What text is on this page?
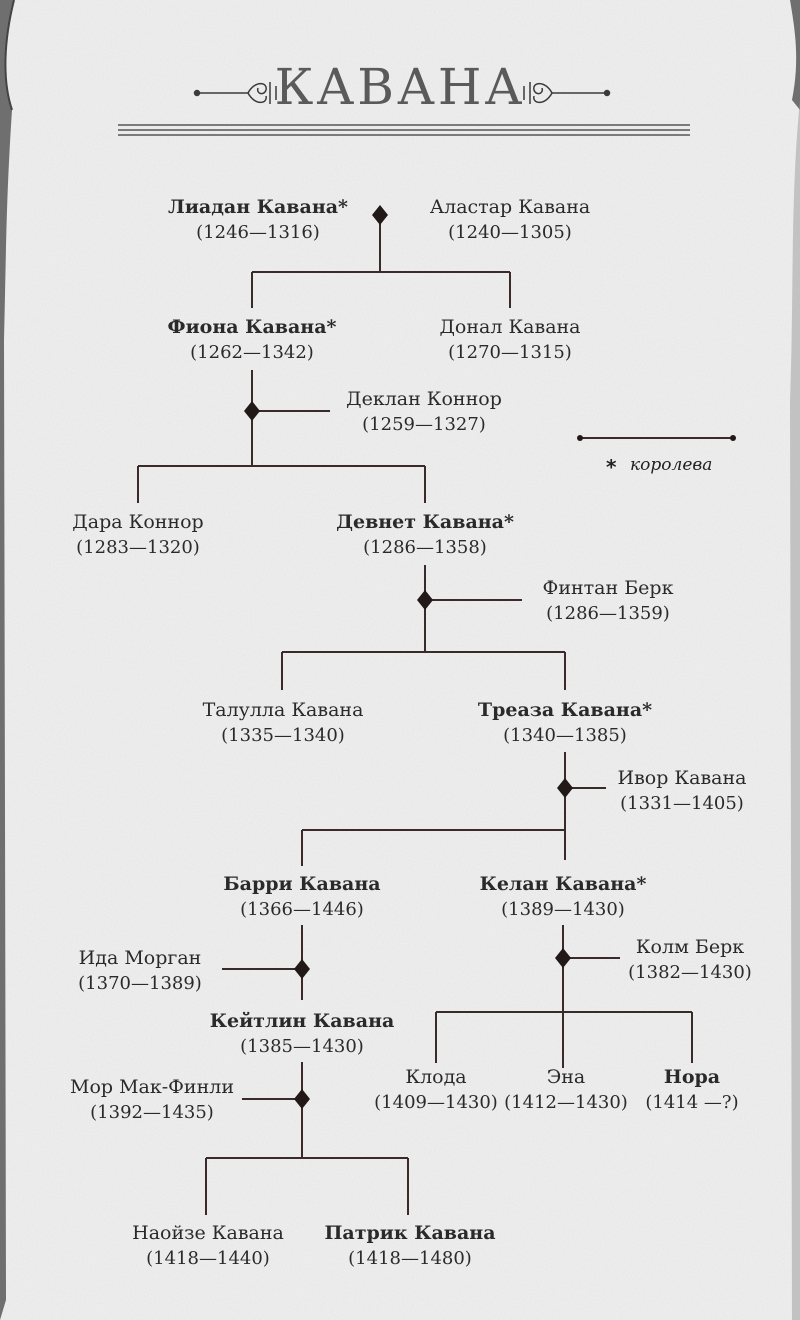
КАВАНА
* королева
Лиадан Кавана*
(1246—1316)
Аластар Кавана
(1240—1305)
Фиона Кавана*
(1262—1342)
Донал Кавана
(1270—1315)
Деклан Коннор
(1259—1327)
Дара Коннор
(1283—1320)
Девнет Кавана*
(1286—1358)
Финтан Берк
(1286—1359)
Талулла Кавана
(1335—1340)
Треаза Кавана*
(1340—1385)
Ивор Кавана
(1331—1405)
Барри Кавана
(1366—1446)
Келан Кавана*
(1389—1430)
Ида Морган
(1370—1389)
Колм Берк
(1382—1430)
Кейтлин Кавана
(1385—1430)
Клода
(1409—1430)
Эна
(1412—1430)
Нора
(1414 —?)
Мор Мак-Финли
(1392—1435)
Наойзе Кавана
(1418—1440)
Патрик Кавана
(1418—1480)
